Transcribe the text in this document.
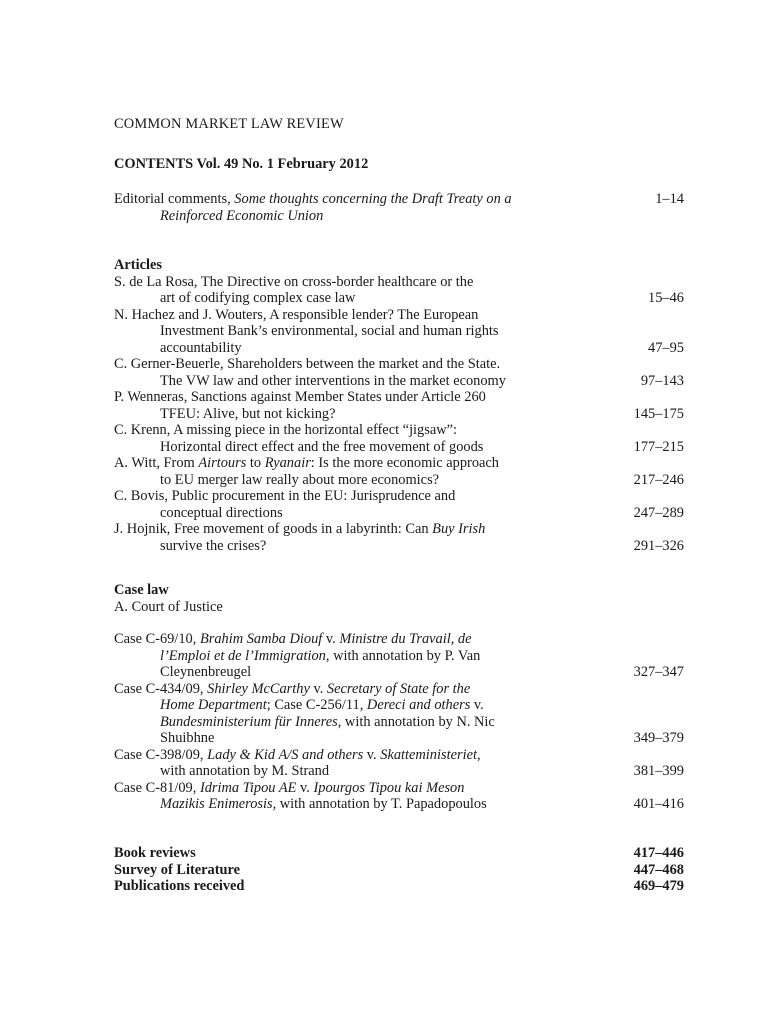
COMMON MARKET LAW REVIEW
CONTENTS Vol. 49 No. 1 February 2012
Editorial comments, Some thoughts concerning the Draft Treaty on a	1–14
Reinforced Economic Union
Articles
S. de La Rosa, The Directive on cross-border healthcare or the
art of codifying complex case law	15–46
N. Hachez and J. Wouters, A responsible lender? The European
Investment Bank’s environmental, social and human rights
accountability	47–95
C. Gerner-Beuerle, Shareholders between the market and the State.
The VW law and other interventions in the market economy	97–143
P. Wenneras, Sanctions against Member States under Article 260
TFEU: Alive, but not kicking?	145–175
C. Krenn, A missing piece in the horizontal effect “jigsaw”:
Horizontal direct effect and the free movement of goods	177–215
A. Witt, From Airtours to Ryanair: Is the more economic approach
to EU merger law really about more economics?	217–246
C. Bovis, Public procurement in the EU: Jurisprudence and
conceptual directions	247–289
J. Hojnik, Free movement of goods in a labyrinth: Can Buy Irish
survive the crises?	291–326
Case law
A. Court of Justice
Case C-69/10, Brahim Samba Diouf v. Ministre du Travail, de
l’Emploi et de l’Immigration, with annotation by P. Van
Cleynenbreugel	327–347
Case C-434/09, Shirley McCarthy v. Secretary of State for the
Home Department; Case C-256/11, Dereci and others v.
Bundesministerium für Inneres, with annotation by N. Nic
Shuibhne	349–379
Case C-398/09, Lady & Kid A/S and others v. Skatteministeriet,
with annotation by M. Strand	381–399
Case C-81/09, Idrima Tipou AE v. Ipourgos Tipou kai Meson
Mazikis Enimerosis, with annotation by T. Papadopoulos	401–416
Book reviews	417–446
Survey of Literature	447–468
Publications received	469–479
